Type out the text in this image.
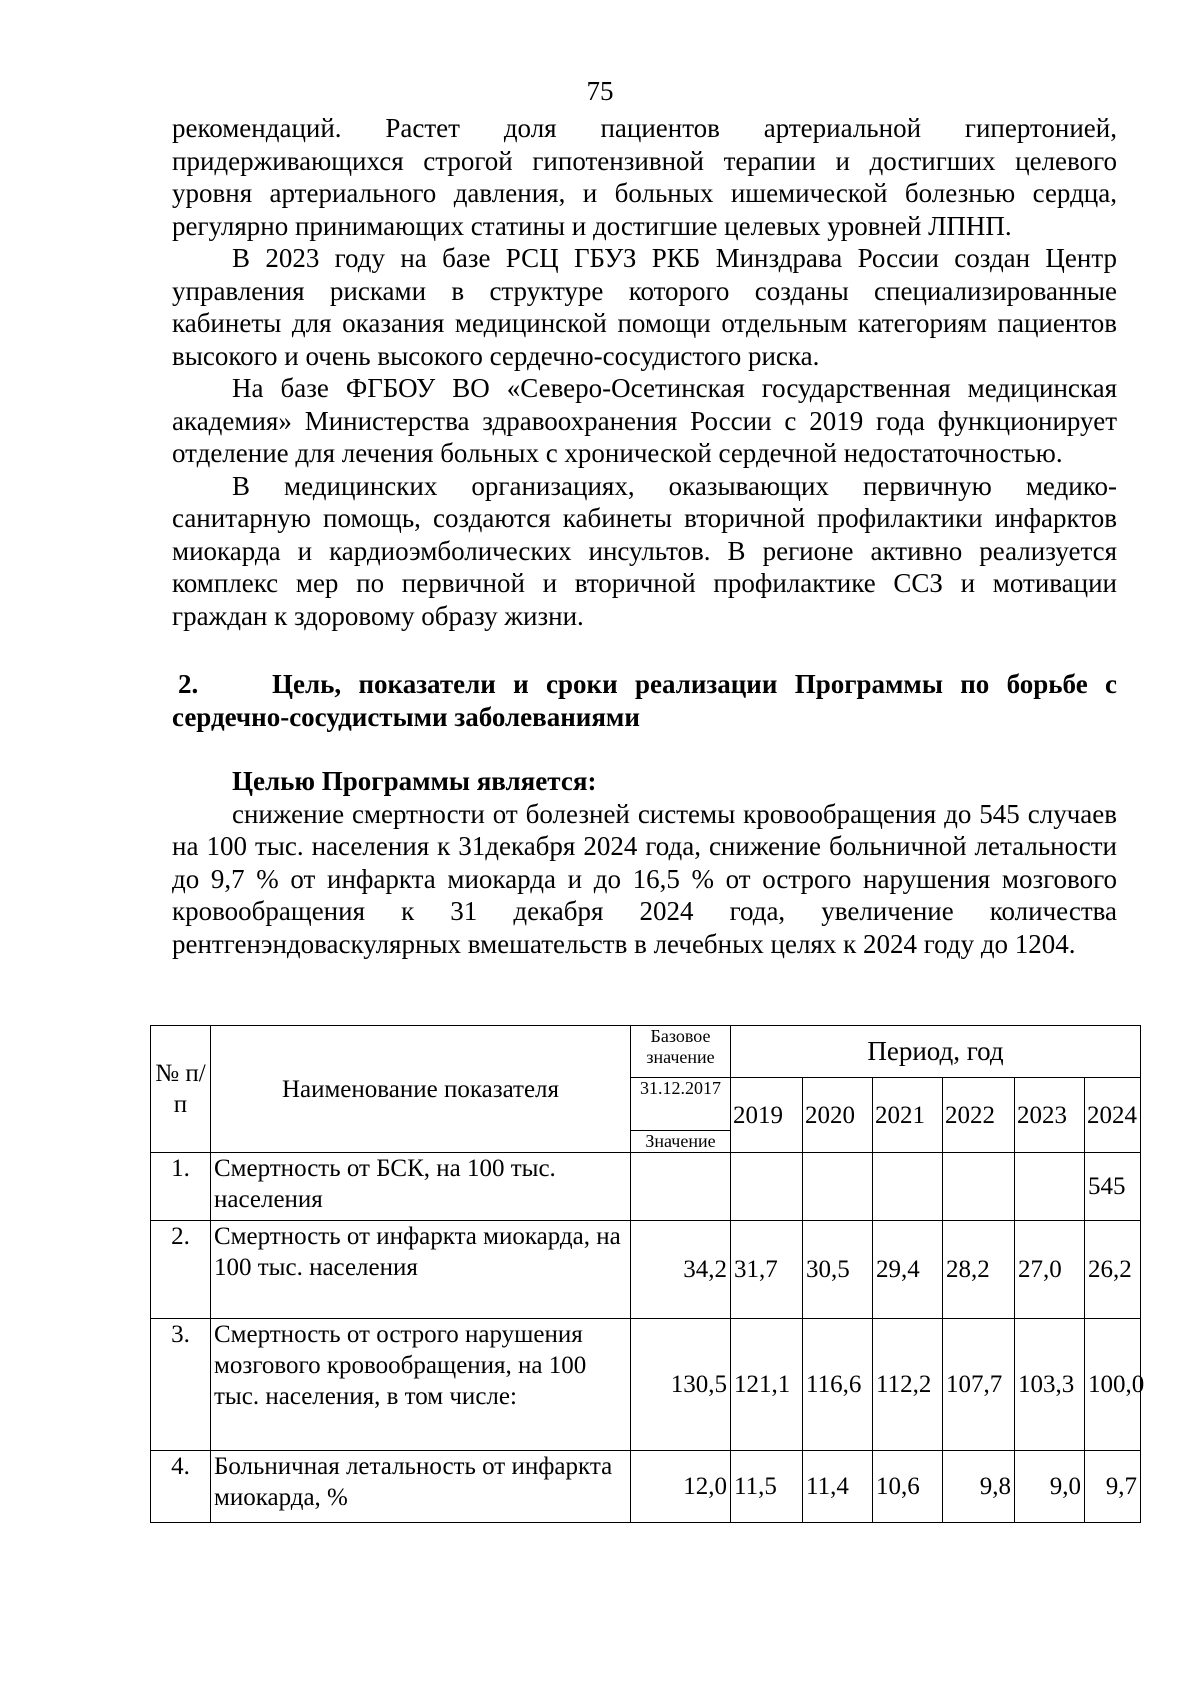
75

рекомендаций. Растет доля пациентов артериальной гипертонией, придерживающихся строгой гипотензивной терапии и достигших целевого уровня артериального давления, и больных ишемической болезнью сердца, регулярно принимающих статины и достигшие целевых уровней ЛПНП.

В 2023 году на базе РСЦ ГБУЗ РКБ Минздрава России создан Центр управления рисками в структуре которого созданы специализированные кабинеты для оказания медицинской помощи отдельным категориям пациентов высокого и очень высокого сердечно-сосудистого риска.

На базе ФГБОУ ВО «Северо-Осетинская государственная медицинская академия» Министерства здравоохранения России с 2019 года функционирует отделение для лечения больных с хронической сердечной недостаточностью.

В медицинских организациях, оказывающих первичную медико-санитарную помощь, создаются кабинеты вторичной профилактики инфарктов миокарда и кардиоэмболических инсультов. В регионе активно реализуется комплекс мер по первичной и вторичной профилактике ССЗ и мотивации граждан к здоровому образу жизни.

2.	Цель, показатели и сроки реализации Программы по борьбе с сердечно-сосудистыми заболеваниями
Целью Программы является:

снижение смертности от болезней системы кровообращения до 545 случаев на 100 тыс. населения к 31декабря 2024 года, снижение больничной летальности до 9,7 % от инфаркта миокарда и до 16,5 % от острого нарушения мозгового кровообращения к 31 декабря 2024 года, увеличение количества рентгенэндоваскулярных вмешательств в лечебных целях к 2024 году до 1204.

№ п/п	Наименование показателя	Базовое значение	Период, год					
		31.12.2017	2019	2020	2021	2022	2023	2024
		Значение						
1.	Смертность от БСК, на 100 тыс. населения							545
2.	Смертность от инфаркта миокарда, на 100 тыс. населения	34,2	31,7	30,5	29,4	28,2	27,0	26,2
3.	Смертность от острого нарушения мозгового кровообращения, на 100 тыс. населения, в том числе:	130,5	121,1	116,6	112,2	107,7	103,3	100,0
4.	Больничная летальность от инфаркта миокарда, %	12,0	11,5	11,4	10,6	9,8	9,0	9,7
